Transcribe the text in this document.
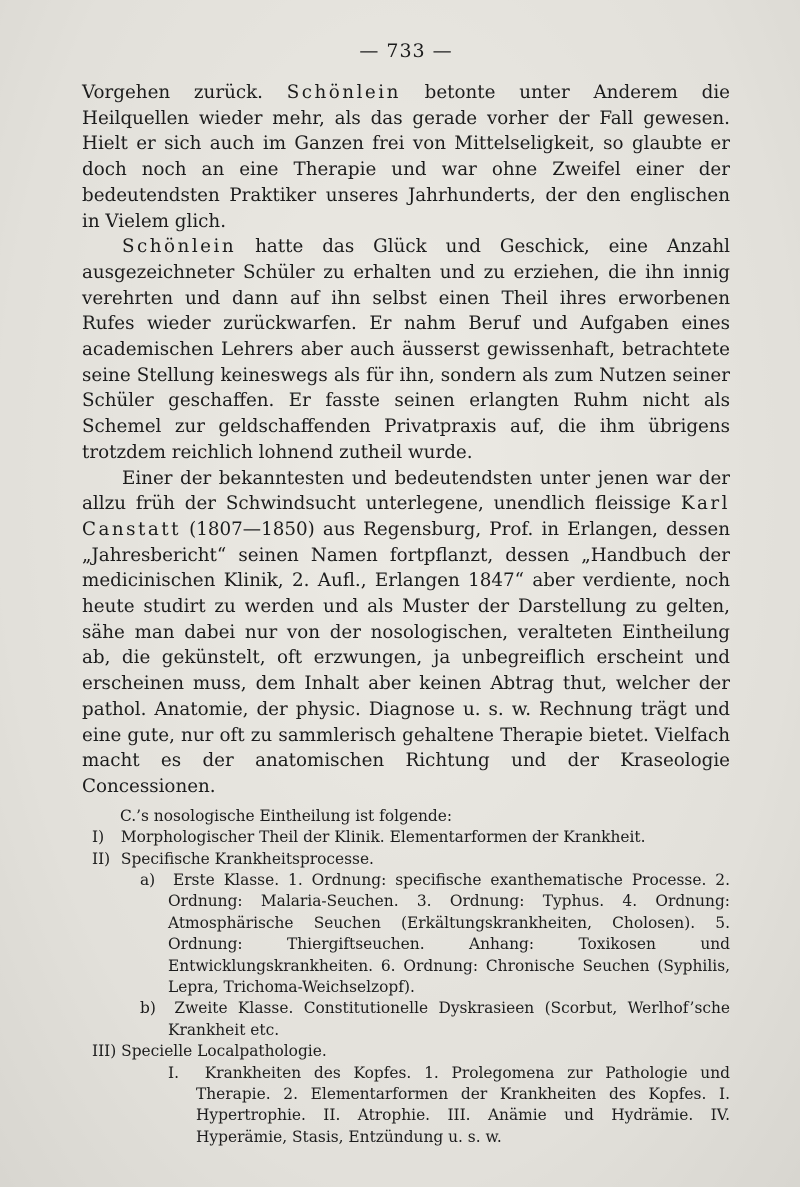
— 733 —

Vorgehen zurück. Schönlein betonte unter Anderem die Heilquellen wieder mehr, als das gerade vorher der Fall gewesen. Hielt er sich auch im Ganzen frei von Mittelseligkeit, so glaubte er doch noch an eine Therapie und war ohne Zweifel einer der bedeutendsten Praktiker unseres Jahrhunderts, der den englischen in Vielem glich.

Schönlein hatte das Glück und Geschick, eine Anzahl ausgezeichneter Schüler zu erhalten und zu erziehen, die ihn innig verehrten und dann auf ihn selbst einen Theil ihres erworbenen Rufes wieder zurückwarfen. Er nahm Beruf und Aufgaben eines academischen Lehrers aber auch äusserst gewissenhaft, betrachtete seine Stellung keineswegs als für ihn, sondern als zum Nutzen seiner Schüler geschaffen. Er fasste seinen erlangten Ruhm nicht als Schemel zur geldschaffenden Privatpraxis auf, die ihm übrigens trotzdem reichlich lohnend zutheil wurde.

Einer der bekanntesten und bedeutendsten unter jenen war der allzu früh der Schwindsucht unterlegene, unendlich fleissige Karl Canstatt (1807—1850) aus Regensburg, Prof. in Erlangen, dessen „Jahresbericht“ seinen Namen fortpflanzt, dessen „Handbuch der medicinischen Klinik, 2. Aufl., Erlangen 1847“ aber verdiente, noch heute studirt zu werden und als Muster der Darstellung zu gelten, sähe man dabei nur von der nosologischen, veralteten Eintheilung ab, die gekünstelt, oft erzwungen, ja unbegreiflich erscheint und erscheinen muss, dem Inhalt aber keinen Abtrag thut, welcher der pathol. Anatomie, der physic. Diagnose u. s. w. Rechnung trägt und eine gute, nur oft zu sammlerisch gehaltene Therapie bietet. Vielfach macht es der anatomischen Richtung und der Kraseologie Concessionen.

C.’s nosologische Eintheilung ist folgende:
I) Morphologischer Theil der Klinik. Elementarformen der Krankheit.
II) Specifische Krankheitsprocesse.
a) Erste Klasse. 1. Ordnung: specifische exanthematische Processe. 2. Ordnung: Malaria-Seuchen. 3. Ordnung: Typhus. 4. Ordnung: Atmosphärische Seuchen (Erkältungskrankheiten, Cholosen). 5. Ordnung: Thiergiftseuchen. Anhang: Toxikosen und Entwicklungskrankheiten. 6. Ordnung: Chronische Seuchen (Syphilis, Lepra, Trichoma-Weichselzopf).
b) Zweite Klasse. Constitutionelle Dyskrasieen (Scorbut, Werlhof’sche Krankheit etc.
III) Specielle Localpathologie.
I. Krankheiten des Kopfes. 1. Prolegomena zur Pathologie und Therapie. 2. Elementarformen der Krankheiten des Kopfes. I. Hypertrophie. II. Atrophie. III. Anämie und Hydrämie. IV. Hyperämie, Stasis, Entzündung u. s. w.
